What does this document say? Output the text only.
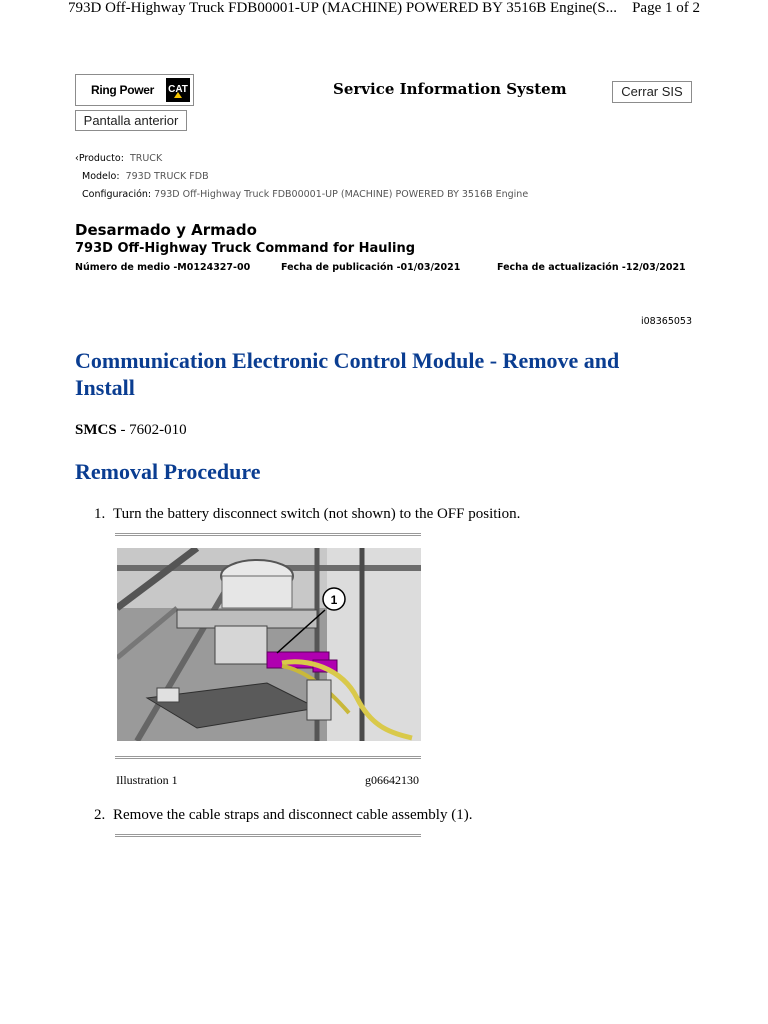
793D Off-Highway Truck FDB00001-UP (MACHINE) POWERED BY 3516B Engine(S... Page 1 of 2
Ring Power CAT	Service Information System	Cerrar SIS
Pantalla anterior
‹Producto: TRUCK
Modelo: 793D TRUCK FDB
Configuración: 793D Off-Highway Truck FDB00001-UP (MACHINE) POWERED BY 3516B Engine
Desarmado y Armado
793D Off-Highway Truck Command for Hauling
Número de medio -M0124327-00	Fecha de publicación -01/03/2021	Fecha de actualización -12/03/2021
i08365053
Communication Electronic Control Module - Remove and Install
SMCS - 7602-010
Removal Procedure
1. Turn the battery disconnect switch (not shown) to the OFF position.
1
Illustration 1	g06642130
2. Remove the cable straps and disconnect cable assembly (1).
